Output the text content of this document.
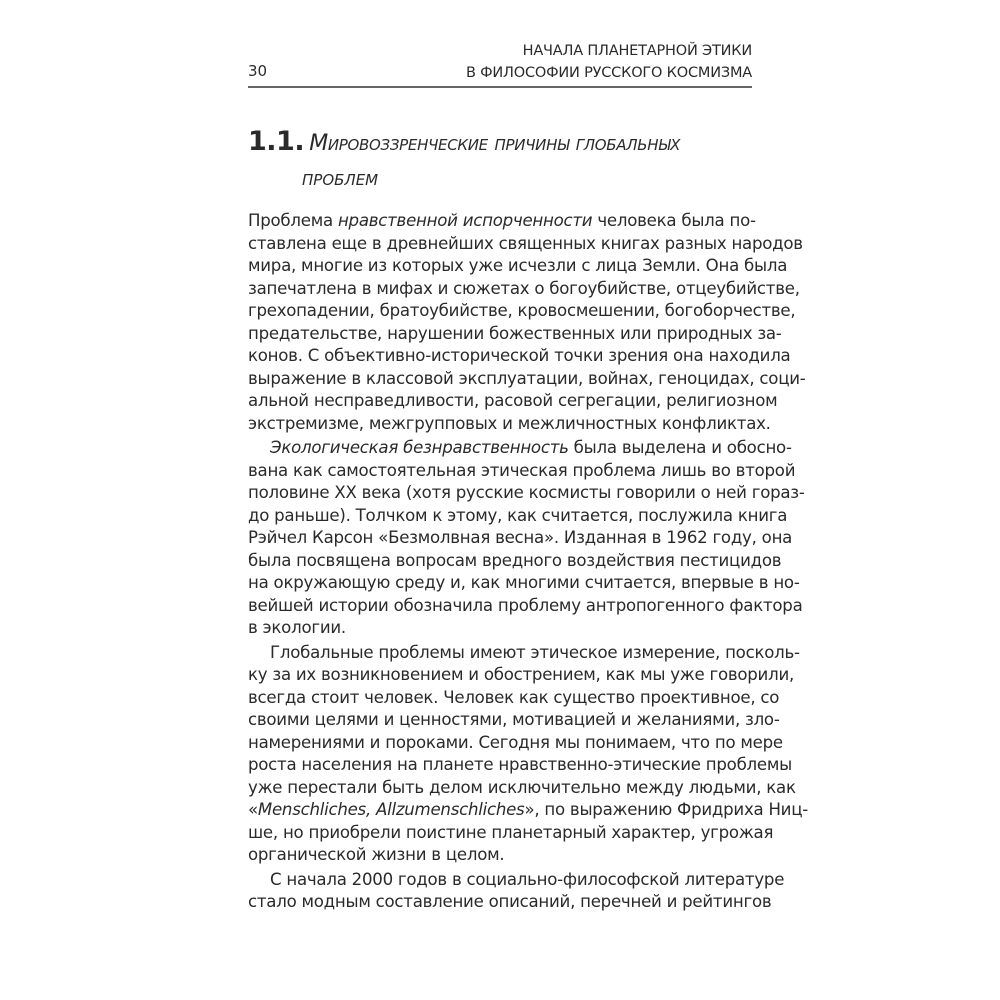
30
НАЧАЛА ПЛАНЕТАРНОЙ ЭТИКИ
В ФИЛОСОФИИ РУССКОГО КОСМИЗМА
1.1. Мировоззренческие причины глобальных
проблем
Проблема нравственной испорченности человека была по-
ставлена еще в древнейших священных книгах разных народов
мира, многие из которых уже исчезли с лица Земли. Она была
запечатлена в мифах и сюжетах о богоубийстве, отцеубийстве,
грехопадении, братоубийстве, кровосмешении, богоборчестве,
предательстве, нарушении божественных или природных за-
конов. С объективно-исторической точки зрения она находила
выражение в классовой эксплуатации, войнах, геноцидах, соци-
альной несправедливости, расовой сегрегации, религиозном
экстремизме, межгрупповых и межличностных конфликтах.
Экологическая безнравственность была выделена и обосно-
вана как самостоятельная этическая проблема лишь во второй
половине XX века (хотя русские космисты говорили о ней гораз-
до раньше). Толчком к этому, как считается, послужила книга
Рэйчел Карсон «Безмолвная весна». Изданная в 1962 году, она
была посвящена вопросам вредного воздействия пестицидов
на окружающую среду и, как многими считается, впервые в но-
вейшей истории обозначила проблему антропогенного фактора
в экологии.
Глобальные проблемы имеют этическое измерение, посколь-
ку за их возникновением и обострением, как мы уже говорили,
всегда стоит человек. Человек как существо проективное, со
своими целями и ценностями, мотивацией и желаниями, зло-
намерениями и пороками. Сегодня мы понимаем, что по мере
роста населения на планете нравственно-этические проблемы
уже перестали быть делом исключительно между людьми, как
«Menschliches, Allzumenschliches», по выражению Фридриха Ниц-
ше, но приобрели поистине планетарный характер, угрожая
органической жизни в целом.
С начала 2000 годов в социально-философской литературе
стало модным составление описаний, перечней и рейтингов
